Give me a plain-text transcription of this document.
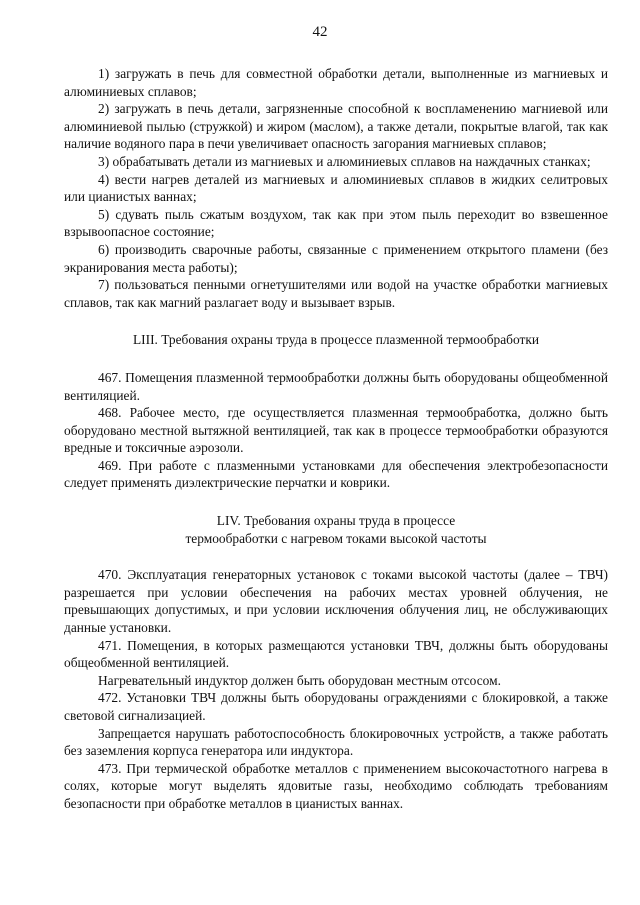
42

1) загружать в печь для совместной обработки детали, выполненные из магниевых и алюминиевых сплавов;

2) загружать в печь детали, загрязненные способной к воспламенению магниевой или алюминиевой пылью (стружкой) и жиром (маслом), а также детали, покрытые влагой, так как наличие водяного пара в печи увеличивает опасность загорания магниевых сплавов;

3) обрабатывать детали из магниевых и алюминиевых сплавов на наждачных станках;

4) вести нагрев деталей из магниевых и алюминиевых сплавов в жидких селитровых или цианистых ваннах;

5) сдувать пыль сжатым воздухом, так как при этом пыль переходит во взвешенное взрывоопасное состояние;

6) производить сварочные работы, связанные с применением открытого пламени (без экранирования места работы);

7) пользоваться пенными огнетушителями или водой на участке обработки магниевых сплавов, так как магний разлагает воду и вызывает взрыв.

LIII. Требования охраны труда в процессе плазменной термообработки

467. Помещения плазменной термообработки должны быть оборудованы общеобменной вентиляцией.

468. Рабочее место, где осуществляется плазменная термообработка, должно быть оборудовано местной вытяжной вентиляцией, так как в процессе термообработки образуются вредные и токсичные аэрозоли.

469. При работе с плазменными установками для обеспечения электробезопасности следует применять диэлектрические перчатки и коврики.

LIV. Требования охраны труда в процессе

термообработки с нагревом токами высокой частоты

470. Эксплуатация генераторных установок с токами высокой частоты (далее – ТВЧ) разрешается при условии обеспечения на рабочих местах уровней облучения, не превышающих допустимых, и при условии исключения облучения лиц, не обслуживающих данные установки.

471. Помещения, в которых размещаются установки ТВЧ, должны быть оборудованы общеобменной вентиляцией.

Нагревательный индуктор должен быть оборудован местным отсосом.

472. Установки ТВЧ должны быть оборудованы ограждениями с блокировкой, а также световой сигнализацией.

Запрещается нарушать работоспособность блокировочных устройств, а также работать без заземления корпуса генератора или индуктора.

473. При термической обработке металлов с применением высокочастотного нагрева в солях, которые могут выделять ядовитые газы, необходимо соблюдать требованиям безопасности при обработке металлов в цианистых ваннах.
